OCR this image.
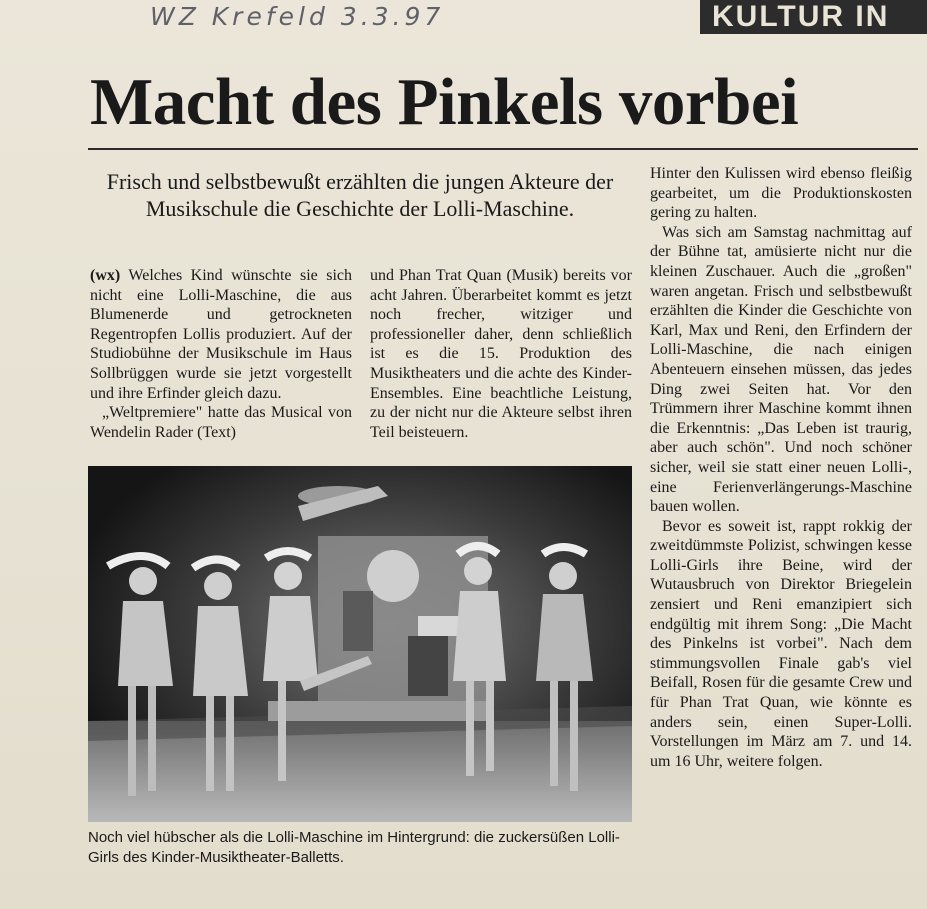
WZ Krefeld 3.3.97	KULTUR IN
Macht des Pinkels vorbei

Frisch und selbstbewußt erzählten die jungen Akteure der Musikschule die Geschichte der Lolli-Maschine.

(wx) Welches Kind wünschte sie sich nicht eine Lolli-Maschine, die aus Blumenerde und getrockneten Regentropfen Lollis produziert. Auf der Studiobühne der Musikschule im Haus Sollbrüggen wurde sie jetzt vorgestellt und ihre Erfinder gleich dazu.

„Weltpremiere" hatte das Musical von Wendelin Rader (Text)

und Phan Trat Quan (Musik) bereits vor acht Jahren. Überarbeitet kommt es jetzt noch frecher, witziger und professioneller daher, denn schließlich ist es die 15. Produktion des Musiktheaters und die achte des Kinder-Ensembles. Eine beachtliche Leistung, zu der nicht nur die Akteure selbst ihren Teil beisteuern.

Hinter den Kulissen wird ebenso fleißig gearbeitet, um die Produktionskosten gering zu halten.

Was sich am Samstag nachmittag auf der Bühne tat, amüsierte nicht nur die kleinen Zuschauer. Auch die „großen" waren angetan. Frisch und selbstbewußt erzählten die Kinder die Geschichte von Karl, Max und Reni, den Erfindern der Lolli-Maschine, die nach einigen Abenteuern einsehen müssen, das jedes Ding zwei Seiten hat. Vor den Trümmern ihrer Maschine kommt ihnen die Erkenntnis: „Das Leben ist traurig, aber auch schön". Und noch schöner sicher, weil sie statt einer neuen Lolli-, eine Ferienverlängerungs-Maschine bauen wollen.

Bevor es soweit ist, rappt rokkig der zweitdümmste Polizist, schwingen kesse Lolli-Girls ihre Beine, wird der Wutausbruch von Direktor Briegelein zensiert und Reni emanzipiert sich endgültig mit ihrem Song: „Die Macht des Pinkelns ist vorbei". Nach dem stimmungsvollen Finale gab's viel Beifall, Rosen für die gesamte Crew und für Phan Trat Quan, wie könnte es anders sein, einen Super-Lolli. Vorstellungen im März am 7. und 14. um 16 Uhr, weitere folgen.

Noch viel hübscher als die Lolli-Maschine im Hintergrund: die zuckersüßen Lolli-Girls des Kinder-Musiktheater-Balletts.
